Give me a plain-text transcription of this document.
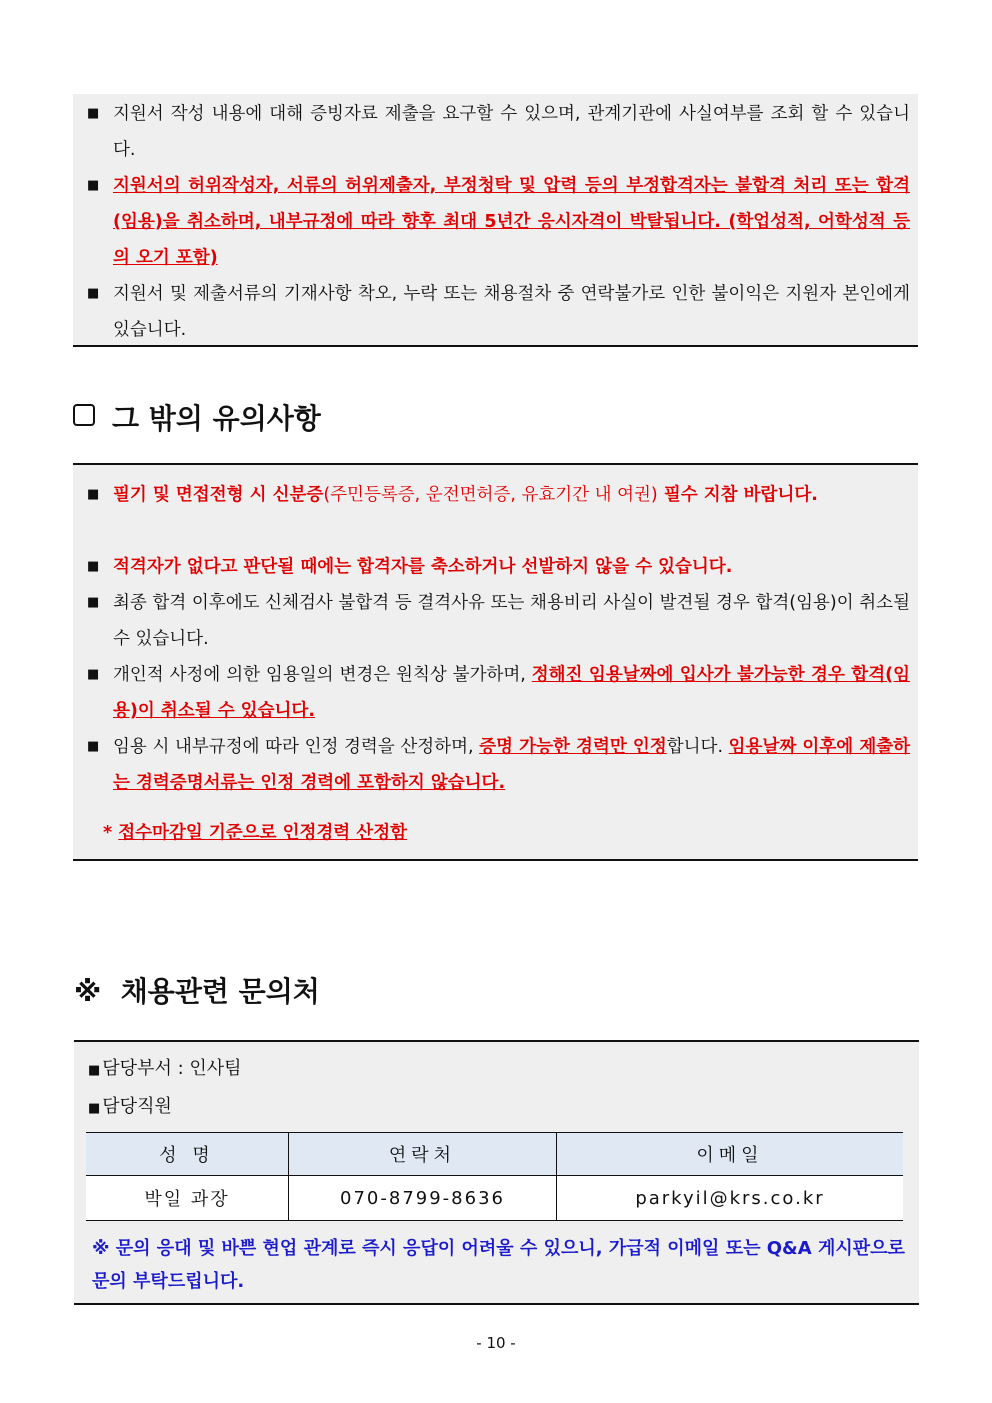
■ 지원서 작성 내용에 대해 증빙자료 제출을 요구할 수 있으며, 관계기관에 사실여부를 조회 할 수 있습니다.
■ 지원서의 허위작성자, 서류의 허위제출자, 부정청탁 및 압력 등의 부정합격자는 불합격 처리 또는 합격(임용)을 취소하며, 내부규정에 따라 향후 최대 5년간 응시자격이 박탈됩니다. (학업성적, 어학성적 등의 오기 포함)
■ 지원서 및 제출서류의 기재사항 착오, 누락 또는 채용절차 중 연락불가로 인한 불이익은 지원자 본인에게 있습니다.
그 밖의 유의사항
■ 필기 및 면접전형 시 신분증(주민등록증, 운전면허증, 유효기간 내 여권) 필수 지참 바랍니다.
■ 적격자가 없다고 판단될 때에는 합격자를 축소하거나 선발하지 않을 수 있습니다.
■ 최종 합격 이후에도 신체검사 불합격 등 결격사유 또는 채용비리 사실이 발견될 경우 합격(임용)이 취소될 수 있습니다.
■ 개인적 사정에 의한 임용일의 변경은 원칙상 불가하며, 정해진 임용날짜에 입사가 불가능한 경우 합격(임용)이 취소될 수 있습니다.
■ 임용 시 내부규정에 따라 인정 경력을 산정하며, 증명 가능한 경력만 인정합니다. 임용날짜 이후에 제출하는 경력증명서류는 인정 경력에 포함하지 않습니다.
* 접수마감일 기준으로 인정경력 산정함
※ 채용관련 문의처
■ 담당부서 : 인사팀
■ 담당직원
성 명	연락처	이메일
박일 과장	070-8799-8636	parkyil@krs.co.kr
※ 문의 응대 및 바쁜 현업 관계로 즉시 응답이 어려울 수 있으니, 가급적 이메일 또는 Q&A 게시판으로 문의 부탁드립니다.
- 10 -
